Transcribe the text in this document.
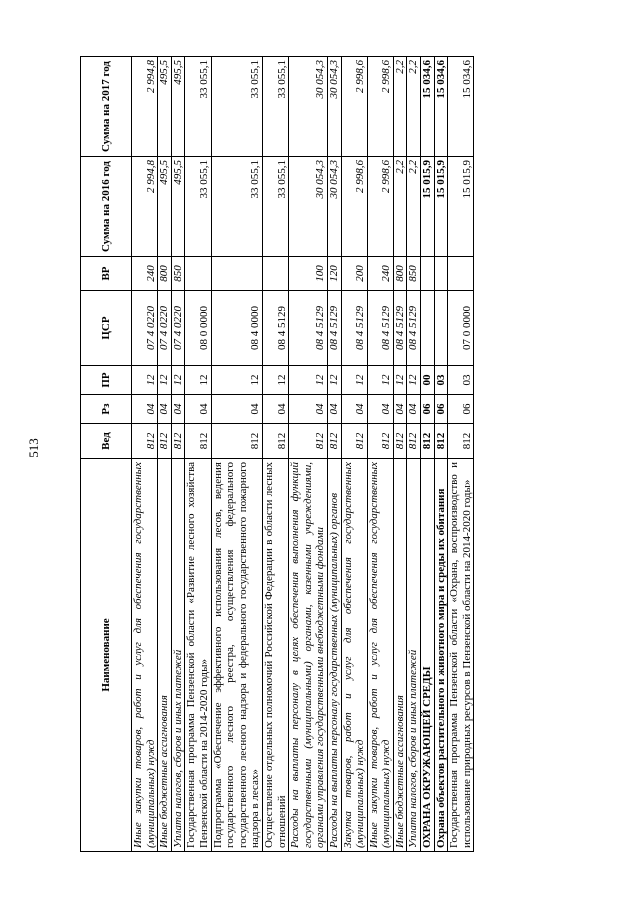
513
Наименование	Вед	Рз	ПР	ЦСР	ВР	Сумма на 2016 год	Сумма на 2017 год
Иные закупки товаров, работ и услуг для обеспечения государственных (муниципальных) нужд	812	04	12	07 4 0220	240	2 994,8	2 994,8
Иные бюджетные ассигнования	812	04	12	07 4 0220	800	495,5	495,5
Уплата налогов, сборов и иных платежей	812	04	12	07 4 0220	850	495,5	495,5
Государственная программа Пензенской области «Развитие лесного хозяйства Пензенской области на 2014-2020 годы»	812	04	12	08 0 0000		33 055,1	33 055,1
Подпрограмма «Обеспечение эффективного использования лесов, ведения государственного лесного реестра, осуществления федерального государственного лесного надзора и федерального государственного пожарного надзора в лесах»	812	04	12	08 4 0000		33 055,1	33 055,1
Осуществление отдельных полномочий Российской Федерации в области лесных отношений	812	04	12	08 4 5129		33 055,1	33 055,1
Расходы на выплаты персоналу в целях обеспечения выполнения функций государственными (муниципальными) органами, казенными учреждениями, органами управления государственными внебюджетными фондами	812	04	12	08 4 5129	100	30 054,3	30 054,3
Расходы на выплаты персоналу государственных (муниципальных) органов	812	04	12	08 4 5129	120	30 054,3	30 054,3
Закупка товаров, работ и услуг для обеспечения государственных (муниципальных) нужд	812	04	12	08 4 5129	200	2 998,6	2 998,6
Иные закупки товаров, работ и услуг для обеспечения государственных (муниципальных) нужд	812	04	12	08 4 5129	240	2 998,6	2 998,6
Иные бюджетные ассигнования	812	04	12	08 4 5129	800	2,2	2,2
Уплата налогов, сборов и иных платежей	812	04	12	08 4 5129	850	2,2	2,2
ОХРАНА ОКРУЖАЮЩЕЙ СРЕДЫ	812	06	00			15 015,9	15 034,6
Охрана объектов растительного и животного мира и среды их обитания	812	06	03			15 015,9	15 034,6
Государственная программа Пензенской области «Охрана, воспроизводство и использование природных ресурсов в Пензенской области на 2014-2020 годы»	812	06	03	07 0 0000		15 015,9	15 034,6
